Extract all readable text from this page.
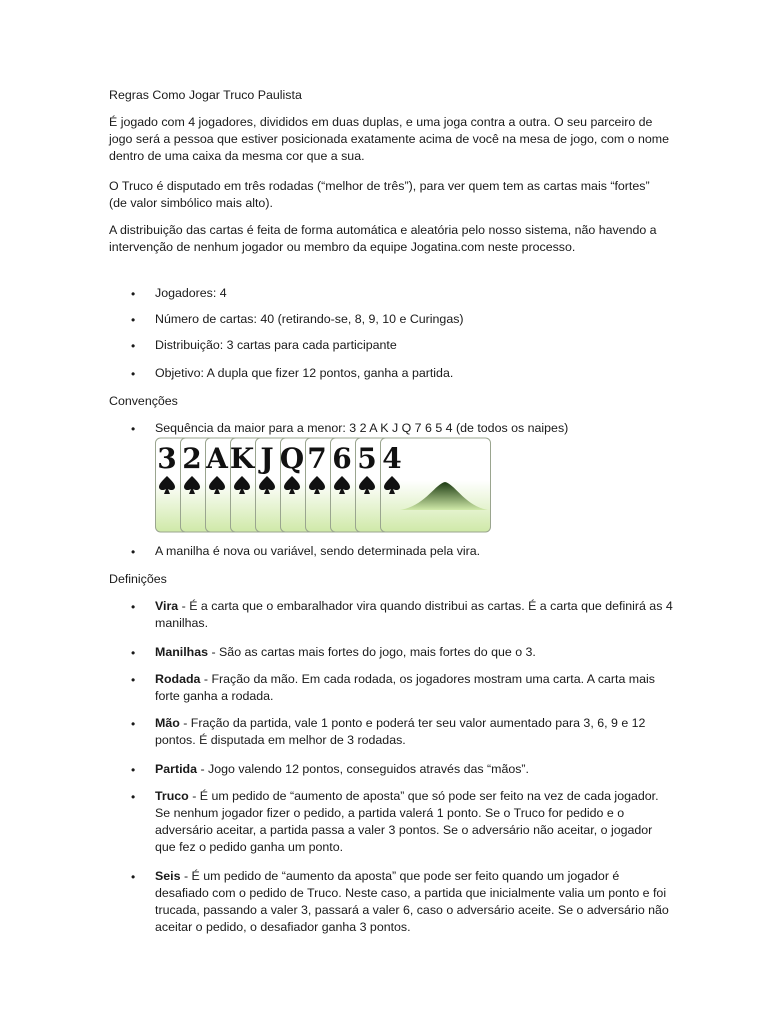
Regras Como Jogar Truco Paulista

É jogado com 4 jogadores, divididos em duas duplas, e uma joga contra a outra. O seu parceiro de jogo será a pessoa que estiver posicionada exatamente acima de você na mesa de jogo, com o nome dentro de uma caixa da mesma cor que a sua.

O Truco é disputado em três rodadas (“melhor de três”), para ver quem tem as cartas mais “fortes” (de valor simbólico mais alto).

A distribuição das cartas é feita de forma automática e aleatória pelo nosso sistema, não havendo a intervenção de nenhum jogador ou membro da equipe Jogatina.com neste processo.

•

Jogadores: 4

•

Número de cartas: 40 (retirando-se, 8, 9, 10 e Curingas)

•

Distribuição: 3 cartas para cada participante

•

Objetivo: A dupla que fizer 12 pontos, ganha a partida.

Convenções

•

Sequência da maior para a menor: 3 2 A K J Q 7 6 5 4 (de todos os naipes)

3 2 A K J Q 7 6 5 4
•

A manilha é nova ou variável, sendo determinada pela vira.

Definições

•

Vira - É a carta que o embaralhador vira quando distribui as cartas. É a carta que definirá as 4 manilhas.

•

Manilhas - São as cartas mais fortes do jogo, mais fortes do que o 3.

•

Rodada - Fração da mão. Em cada rodada, os jogadores mostram uma carta. A carta mais forte ganha a rodada.

•

Mão - Fração da partida, vale 1 ponto e poderá ter seu valor aumentado para 3, 6, 9 e 12 pontos. É disputada em melhor de 3 rodadas.

•

Partida - Jogo valendo 12 pontos, conseguidos através das “mãos”.

•

Truco - É um pedido de “aumento de aposta” que só pode ser feito na vez de cada jogador. Se nenhum jogador fizer o pedido, a partida valerá 1 ponto. Se o Truco for pedido e o adversário aceitar, a partida passa a valer 3 pontos. Se o adversário não aceitar, o jogador que fez o pedido ganha um ponto.

•

Seis - É um pedido de “aumento da aposta” que pode ser feito quando um jogador é desafiado com o pedido de Truco. Neste caso, a partida que inicialmente valia um ponto e foi trucada, passando a valer 3, passará a valer 6, caso o adversário aceite. Se o adversário não aceitar o pedido, o desafiador ganha 3 pontos.
